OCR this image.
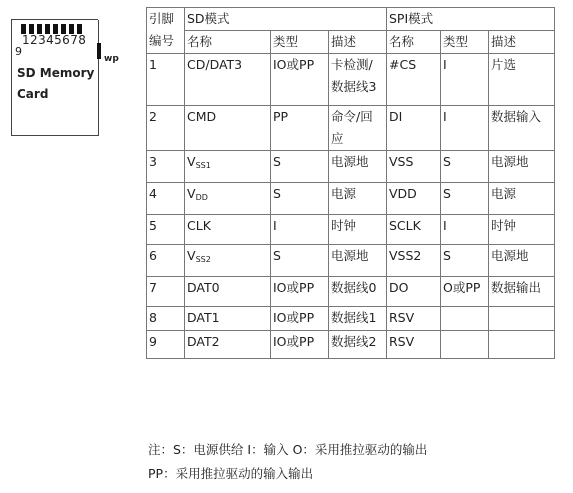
12345678
9
SD Memory
Card
wp
引脚
编号	SD模式			SPI模式		
	名称	类型	描述	名称	类型	描述
1	CD/DAT3	IO或PP	卡检测/数据线3	#CS	I	片选
2	CMD	PP	命令/回应	DI	I	数据输入
3	VSS1	S	电源地	VSS	S	电源地
4	VDD	S	电源	VDD	S	电源
5	CLK	I	时钟	SCLK	I	时钟
6	VSS2	S	电源地	VSS2	S	电源地
7	DAT0	IO或PP	数据线0	DO	O或PP	数据输出
8	DAT1	IO或PP	数据线1	RSV		
9	DAT2	IO或PP	数据线2	RSV		
注：S：电源供给 I：输入 O：采用推拉驱动的输出
PP：采用推拉驱动的输入输出
